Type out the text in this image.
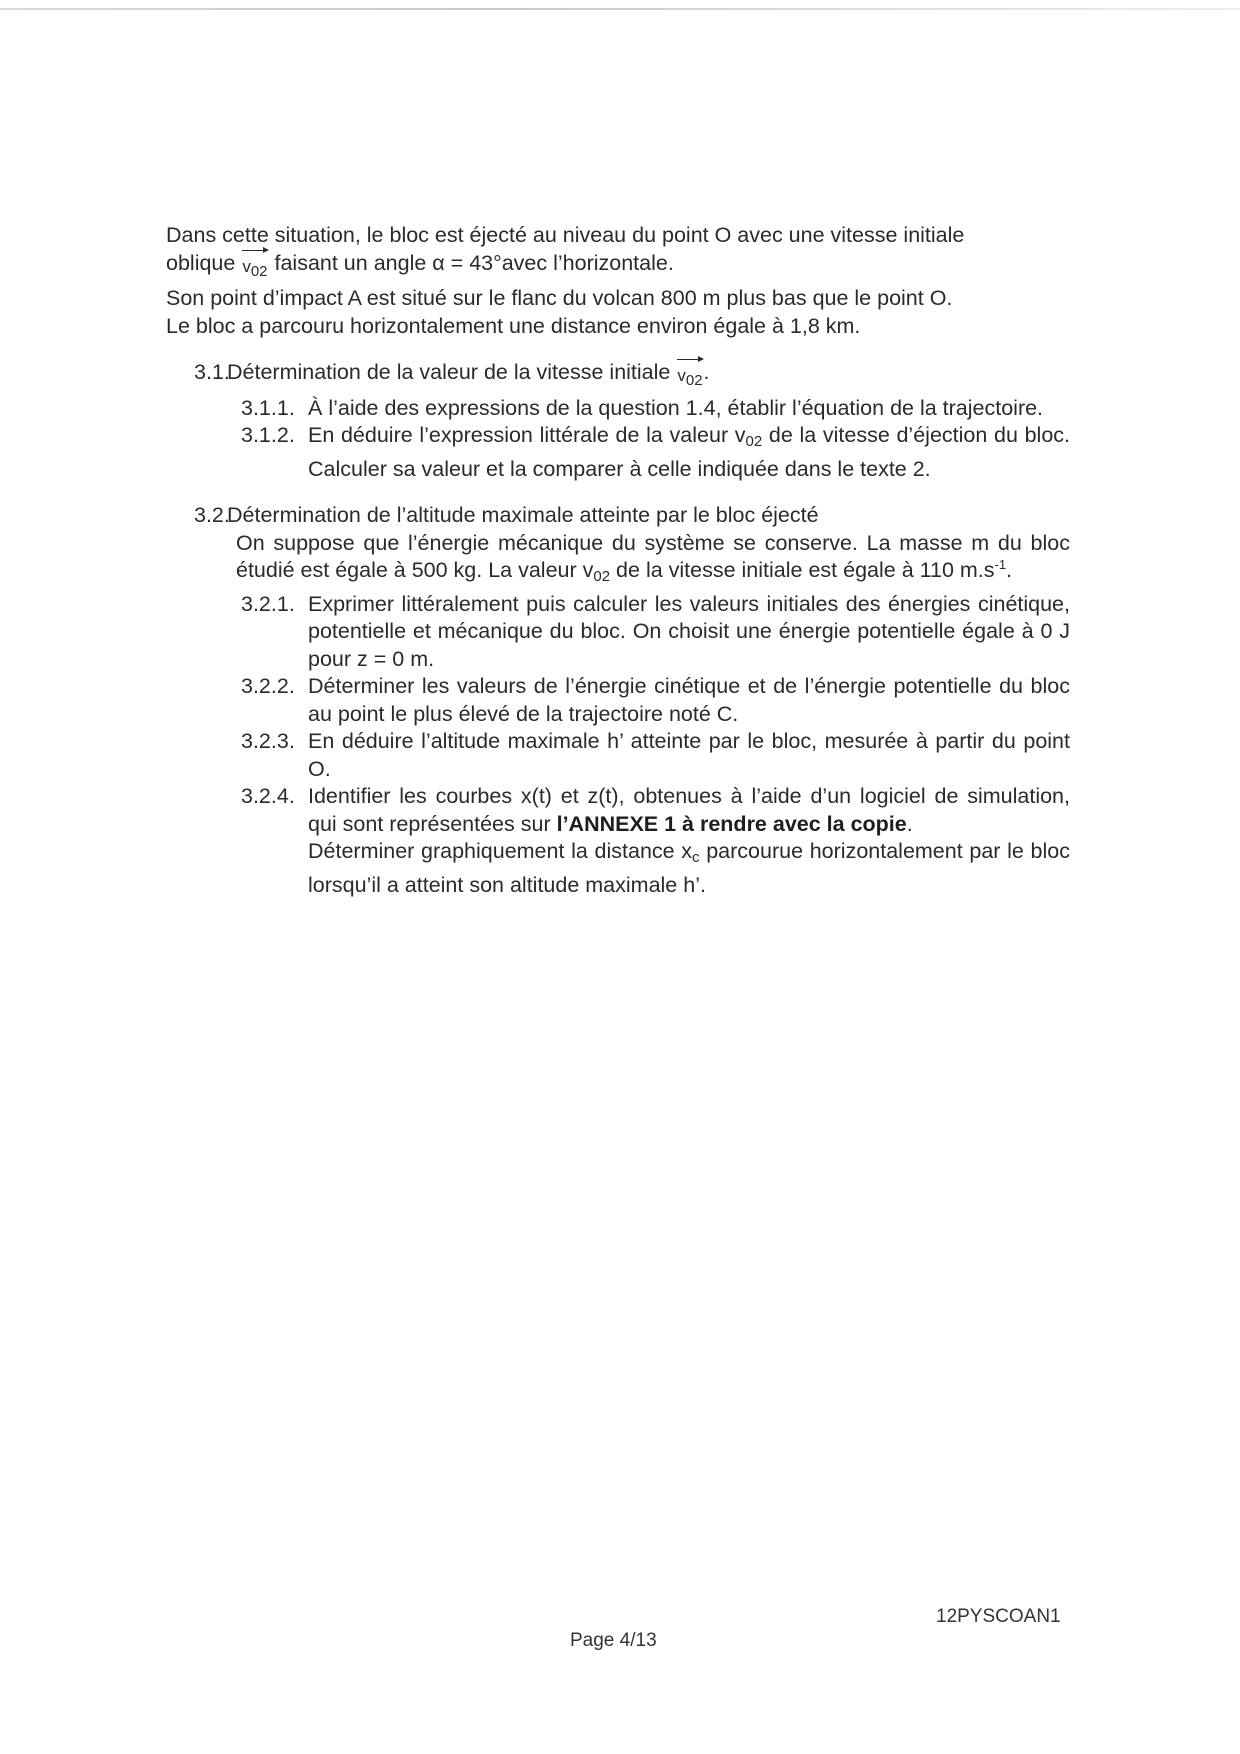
Dans cette situation, le bloc est éjecté au niveau du point O avec une vitesse initiale

oblique v02 faisant un angle α = 43°avec l’horizontale.

Son point d’impact A est situé sur le flanc du volcan 800 m plus bas que le point O.

Le bloc a parcouru horizontalement une distance environ égale à 1,8 km.

3.1.
Détermination de la valeur de la vitesse initiale v02.

3.1.1. À l’aide des expressions de la question 1.4, établir l’équation de la trajectoire.

3.1.2. En déduire l’expression littérale de la valeur $v_{02}$ de la vitesse d’éjection du bloc. Calculer sa valeur et la comparer à celle indiquée dans le texte 2.

3.2.
Détermination de l’altitude maximale atteinte par le bloc éjecté

On suppose que l’énergie mécanique du système se conserve. La masse m du bloc étudié est égale à 500 kg. La valeur $v_{02}$ de la vitesse initiale est égale à 110 $m.s^{-1}$.

3.2.1. Exprimer littéralement puis calculer les valeurs initiales des énergies cinétique, potentielle et mécanique du bloc. On choisit une énergie potentielle égale à 0 J pour z = 0 m.

3.2.2. Déterminer les valeurs de l’énergie cinétique et de l’énergie potentielle du bloc au point le plus élevé de la trajectoire noté C.

3.2.3. En déduire l’altitude maximale h’ atteinte par le bloc, mesurée à partir du point O.

3.2.4. Identifier les courbes x(t) et z(t), obtenues à l’aide d’un logiciel de simulation, qui sont représentées sur l’ANNEXE 1 à rendre avec la copie.
Déterminer graphiquement la distance $x_c$ parcourue horizontalement par le bloc lorsqu’il a atteint son altitude maximale h’.

12PYSCOAN1
Page 4/13
